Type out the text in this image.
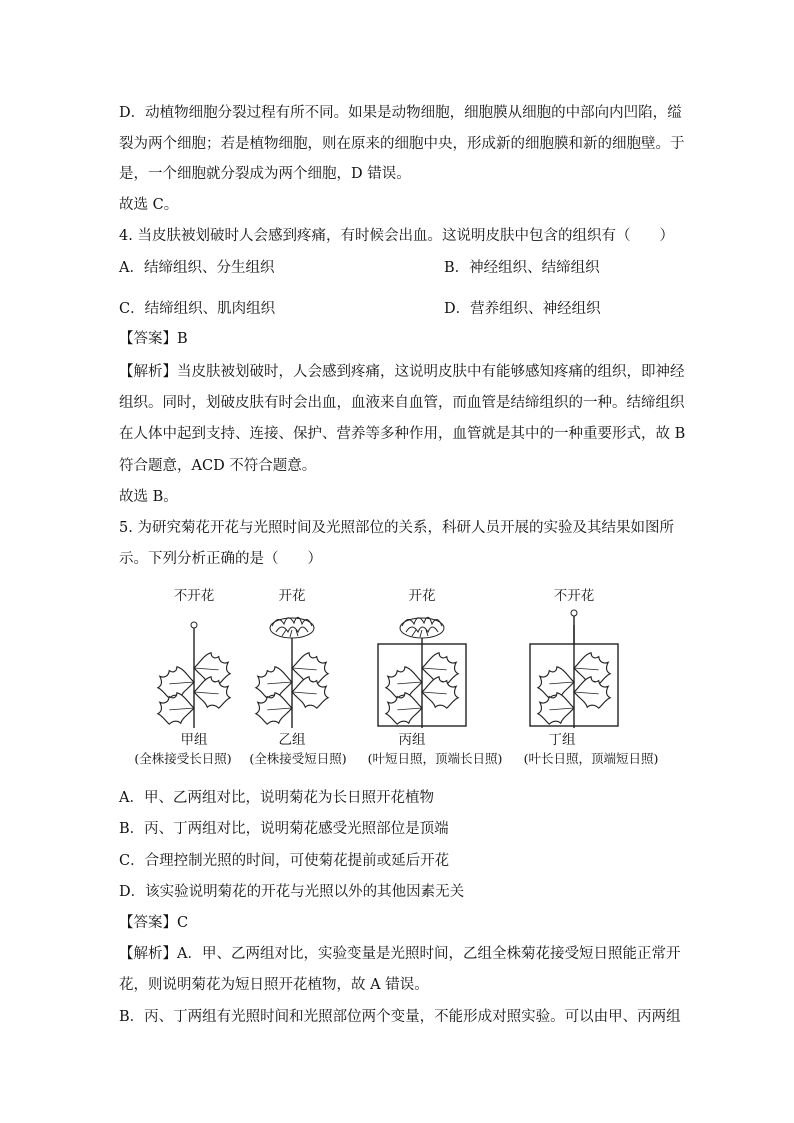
D．动植物细胞分裂过程有所不同。如果是动物细胞，细胞膜从细胞的中部向内凹陷，缢
裂为两个细胞；若是植物细胞，则在原来的细胞中央，形成新的细胞膜和新的细胞壁。于
是，一个细胞就分裂成为两个细胞，D 错误。
故选 C。
4. 当皮肤被划破时人会感到疼痛，有时候会出血。这说明皮肤中包含的组织有（　　）
A．结缔组织、分生组织	B．神经组织、结缔组织
C．结缔组织、肌肉组织	D．营养组织、神经组织
【答案】B
【解析】当皮肤被划破时，人会感到疼痛，这说明皮肤中有能够感知疼痛的组织，即神经
组织。同时，划破皮肤有时会出血，血液来自血管，而血管是结缔组织的一种。结缔组织
在人体中起到支持、连接、保护、营养等多种作用，血管就是其中的一种重要形式，故 B
符合题意，ACD 不符合题意。
故选 B。
5. 为研究菊花开花与光照时间及光照部位的关系，科研人员开展的实验及其结果如图所
示。下列分析正确的是（　　）
不开花	开花	开花	不开花
甲组	乙组	丙组	丁组
(全株接受长日照)	(全株接受短日照)	(叶短日照，顶端长日照)	(叶长日照，顶端短日照)
A．甲、乙两组对比，说明菊花为长日照开花植物
B．丙、丁两组对比，说明菊花感受光照部位是顶端
C．合理控制光照的时间，可使菊花提前或延后开花
D．该实验说明菊花的开花与光照以外的其他因素无关
【答案】C
【解析】A．甲、乙两组对比，实验变量是光照时间，乙组全株菊花接受短日照能正常开
花，则说明菊花为短日照开花植物，故 A 错误。
B．丙、丁两组有光照时间和光照部位两个变量，不能形成对照实验。可以由甲、丙两组
